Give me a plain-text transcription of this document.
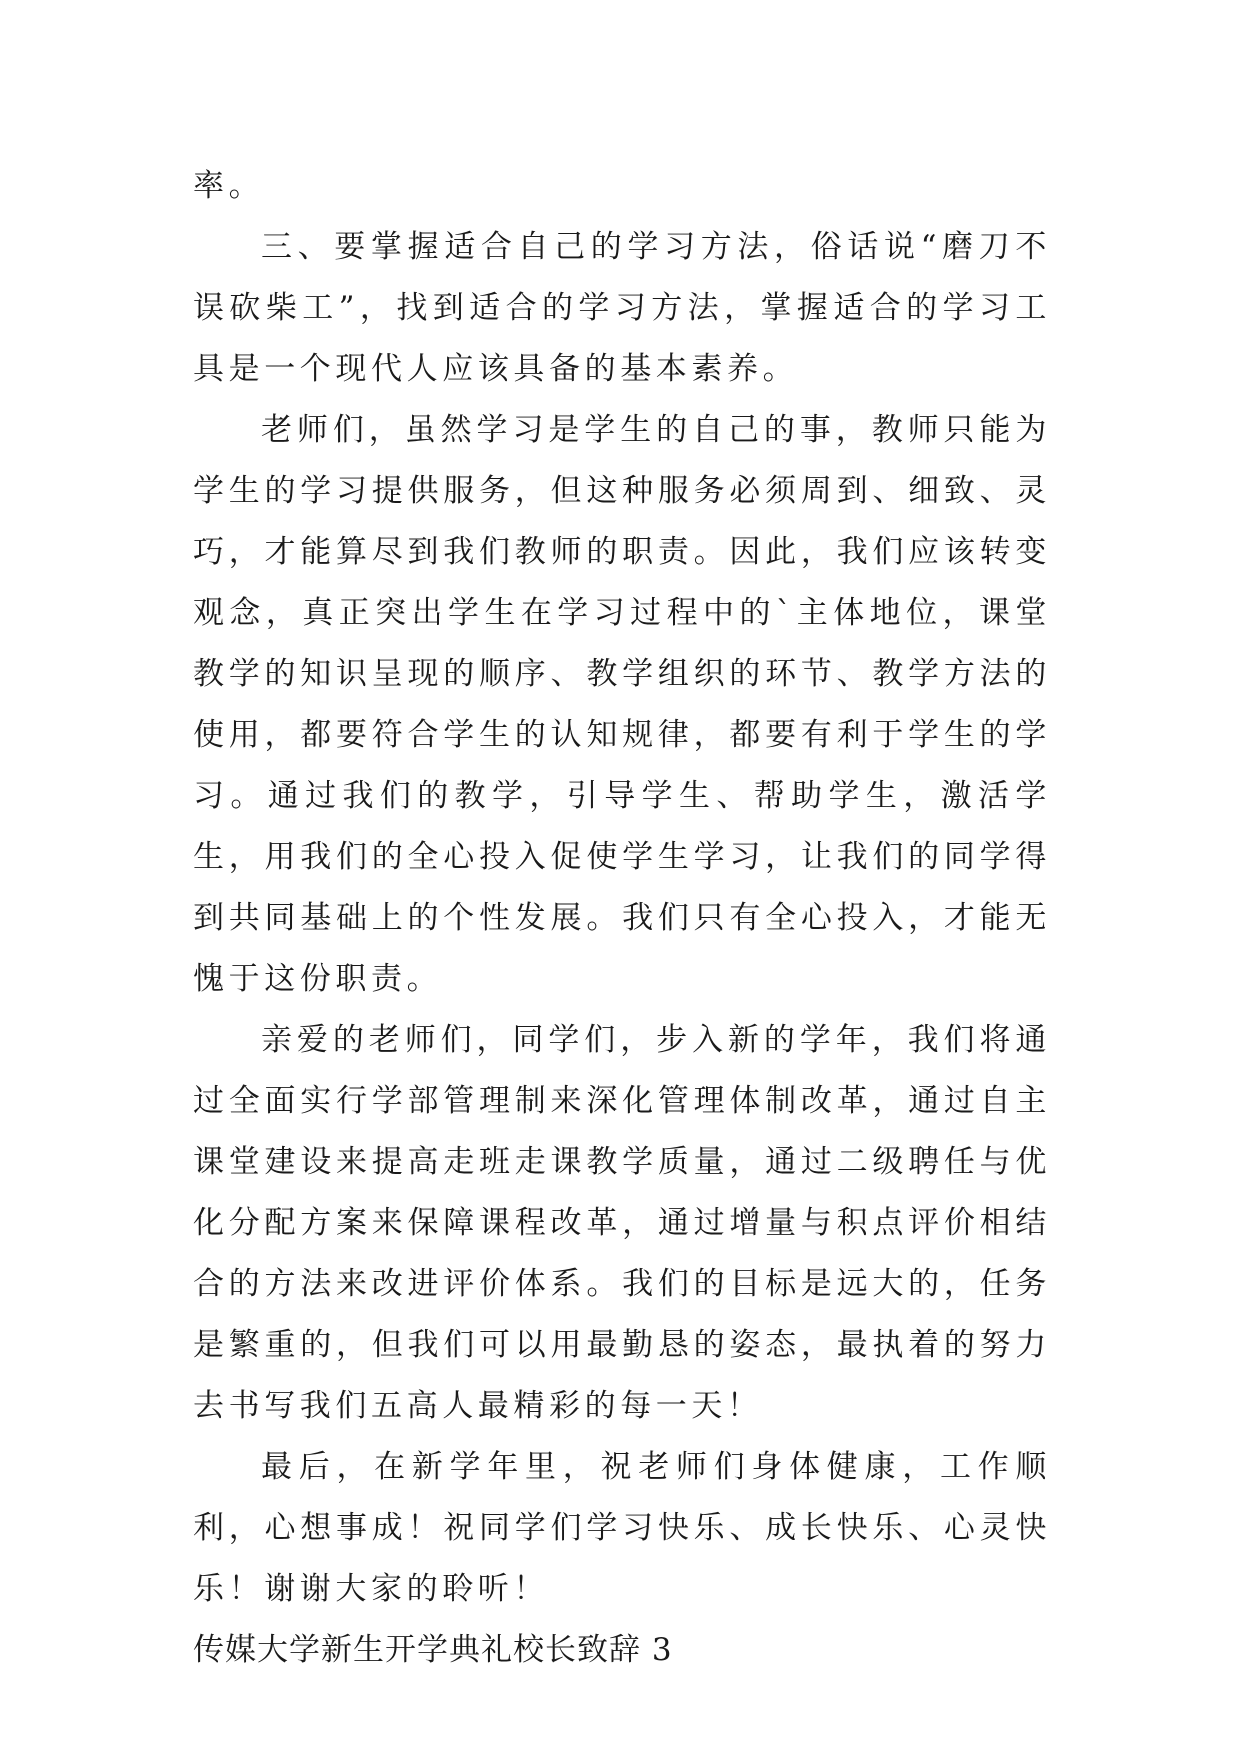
率。

三、要掌握适合自己的学习方法，俗话说“磨刀不误砍柴工”，找到适合的学习方法，掌握适合的学习工具是一个现代人应该具备的基本素养。

老师们，虽然学习是学生的自己的事，教师只能为学生的学习提供服务，但这种服务必须周到、细致、灵巧，才能算尽到我们教师的职责。因此，我们应该转变观念，真正突出学生在学习过程中的`主体地位，课堂教学的知识呈现的顺序、教学组织的环节、教学方法的使用，都要符合学生的认知规律，都要有利于学生的学习。通过我们的教学，引导学生、帮助学生，激活学生，用我们的全心投入促使学生学习，让我们的同学得到共同基础上的个性发展。我们只有全心投入，才能无愧于这份职责。

亲爱的老师们，同学们，步入新的学年，我们将通过全面实行学部管理制来深化管理体制改革，通过自主课堂建设来提高走班走课教学质量，通过二级聘任与优化分配方案来保障课程改革，通过增量与积点评价相结合的方法来改进评价体系。我们的目标是远大的，任务是繁重的，但我们可以用最勤恳的姿态，最执着的努力去书写我们五高人最精彩的每一天！

最后，在新学年里，祝老师们身体健康，工作顺利，心想事成！祝同学们学习快乐、成长快乐、心灵快乐！谢谢大家的聆听！

传媒大学新生开学典礼校长致辞 3
